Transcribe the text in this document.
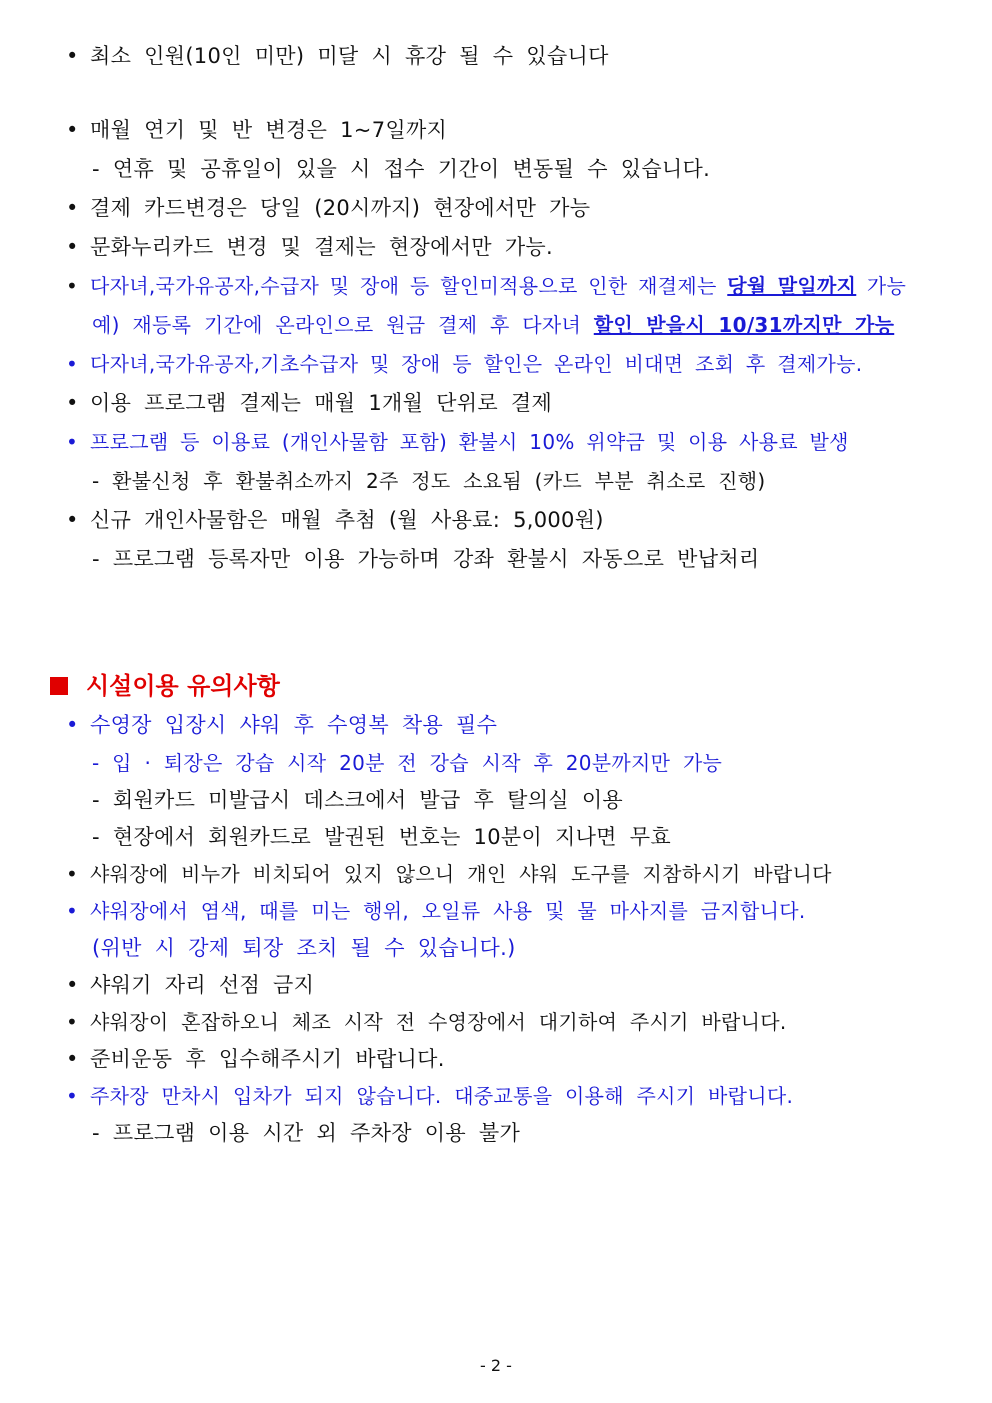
• 최소 인원(10인 미만) 미달 시 휴강 될 수 있습니다
• 매월 연기 및 반 변경은 1~7일까지
- 연휴 및 공휴일이 있을 시 접수 기간이 변동될 수 있습니다.
• 결제 카드변경은 당일 (20시까지) 현장에서만 가능
• 문화누리카드 변경 및 결제는 현장에서만 가능.
• 다자녀,국가유공자,수급자 및 장애 등 할인미적용으로 인한 재결제는 당월 말일까지 가능
예) 재등록 기간에 온라인으로 원금 결제 후 다자녀 할인 받을시 10/31까지만 가능
• 다자녀,국가유공자,기초수급자 및 장애 등 할인은 온라인 비대면 조회 후 결제가능.
• 이용 프로그램 결제는 매월 1개월 단위로 결제
• 프로그램 등 이용료 (개인사물함 포함) 환불시 10% 위약금 및 이용 사용료 발생
- 환불신청 후 환불취소까지 2주 정도 소요됨 (카드 부분 취소로 진행)
• 신규 개인사물함은 매월 추첨 (월 사용료: 5,000원)
- 프로그램 등록자만 이용 가능하며 강좌 환불시 자동으로 반납처리
시설이용 유의사항
• 수영장 입장시 샤워 후 수영복 착용 필수
- 입 · 퇴장은 강습 시작 20분 전 강습 시작 후 20분까지만 가능
- 회원카드 미발급시 데스크에서 발급 후 탈의실 이용
- 현장에서 회원카드로 발권된 번호는 10분이 지나면 무효
• 샤워장에 비누가 비치되어 있지 않으니 개인 샤워 도구를 지참하시기 바랍니다
• 샤워장에서 염색, 때를 미는 행위, 오일류 사용 및 물 마사지를 금지합니다.
(위반 시 강제 퇴장 조치 될 수 있습니다.)
• 샤워기 자리 선점 금지
• 샤워장이 혼잡하오니 체조 시작 전 수영장에서 대기하여 주시기 바랍니다.
• 준비운동 후 입수해주시기 바랍니다.
• 주차장 만차시 입차가 되지 않습니다. 대중교통을 이용해 주시기 바랍니다.
- 프로그램 이용 시간 외 주차장 이용 불가
- 2 -
